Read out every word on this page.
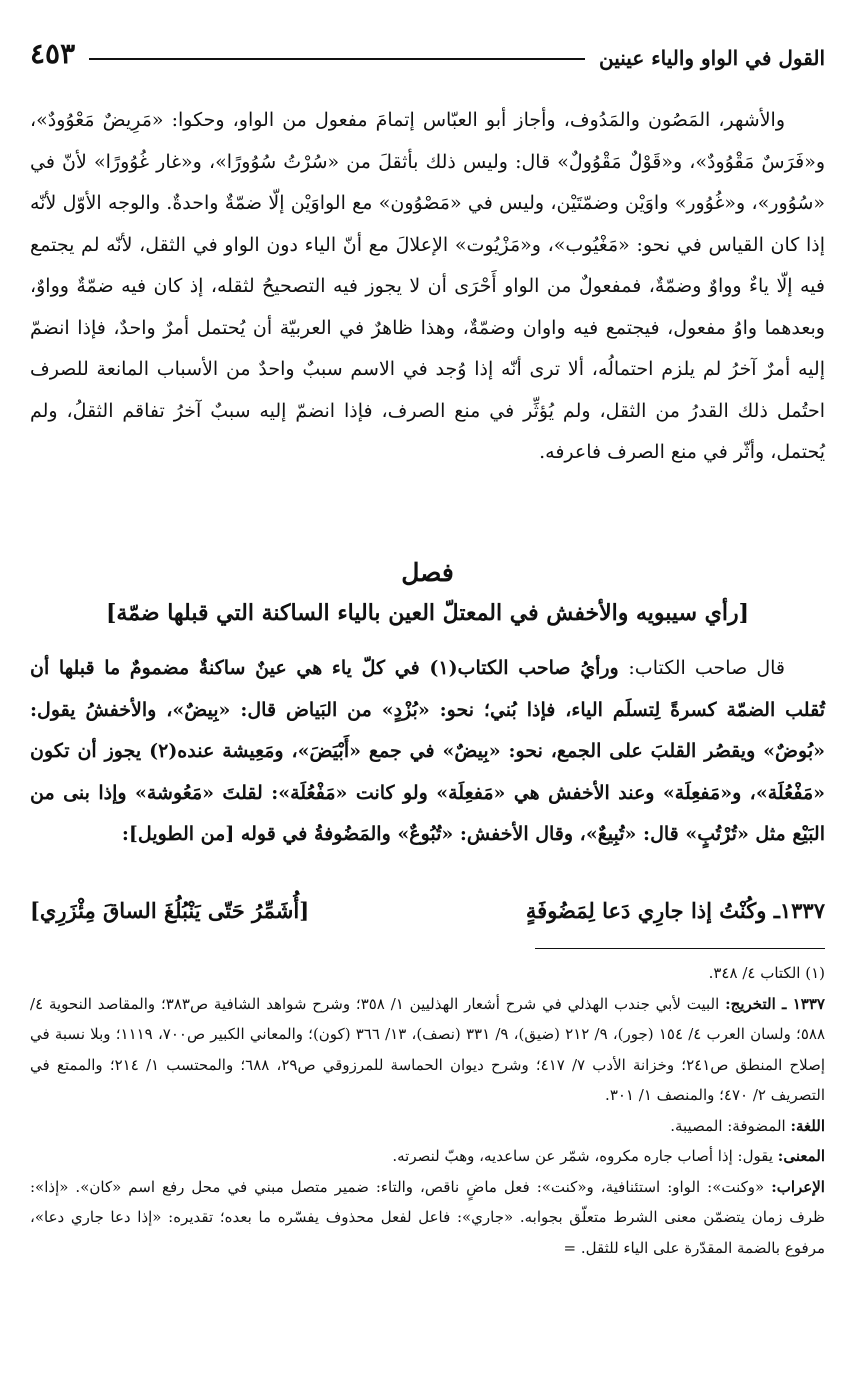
القول في الواو والياء عينين
٤٥٣

والأشهر، المَصُون والمَدُوف، وأجاز أبو العبّاس إتمامَ مفعول من الواو، وحكوا: «مَرِيضٌ مَعْوُودٌ»، و«فَرَسٌ مَقْوُودٌ»، و«قَوْلٌ مَقْوُولٌ» قال: وليس ذلك بأثقلَ من «سُرْتُ سُوُورًا»، و«غار غُوُورًا» لأنّ في «سُوُور»، و«غُوُور» واوَيْن وضمّتَيْن، وليس في «مَصْوُون» مع الواوَيْن إلّا ضمّةٌ واحدةٌ. والوجه الأوّل لأنّه إذا كان القياس في نحو: «مَغْيُوب»، و«مَزْيُوت» الإعلالَ مع أنّ الياء دون الواو في الثقل، لأنّه لم يجتمع فيه إلّا ياءٌ وواوٌ وضمّةٌ، فمفعولٌ من الواو أَحْرَى أن لا يجوز فيه التصحيحُ لثقله، إذ كان فيه ضمّةٌ وواوٌ، وبعدهما واوُ مفعول، فيجتمع فيه واوان وضمّةٌ، وهذا ظاهرٌ في العربيّة أن يُحتمل أمرٌ واحدٌ، فإذا انضمّ إليه أمرٌ آخرُ لم يلزم احتمالُه، ألا ترى أنّه إذا وُجد في الاسم سببٌ واحدٌ من الأسباب المانعة للصرف احتُمل ذلك القدرُ من الثقل، ولم يُؤثِّر في منع الصرف، فإذا انضمّ إليه سببٌ آخرُ تفاقم الثقلُ، ولم يُحتمل، وأثّر في منع الصرف فاعرفه.

فصل
[رأي سيبويه والأخفش في المعتلّ العين بالياء الساكنة التي قبلها ضمّة]

قال صاحب الكتاب: ورأيُ صاحب الكتاب(١) في كلّ ياء هي عينٌ ساكنةٌ مضمومٌ ما قبلها أن تُقلب الضمّة كسرةً لِتسلَم الياء، فإذا بُني؛ نحو: «بُزْدٍ» من البَياض قال: «بِيضٌ»، والأخفشُ يقول: «بُوضٌ» ويقصُر القلبَ على الجمع، نحو: «بِيضٌ» في جمع «أَبْيَضَ»، ومَعِيشة عنده(٢) يجوز أن تكون «مَفْعُلَة»، و«مَفعِلَة» وعند الأخفش هي «مَفعِلَة» ولو كانت «مَفْعُلَة»: لقلتَ «مَعُوشة» وإذا بنى من البَيْع مثل «تُرْتُبٍ» قال: «تُبِيعٌ»، وقال الأخفش: «تُبُوعٌ» والمَضُوفةُ في قوله [من الطويل]:

١٣٣٧ـ وكُنْتُ إذا جارِي دَعا لِمَضُوفَةٍ
[أُشَمِّرُ حَتّى يَنْبُلُغَ الساقَ مِئْزَرِي]

(١) الكتاب ٤/ ٣٤٨.

١٣٣٧ ـ التخريج: البيت لأبي جندب الهذلي في شرح أشعار الهذليين ١/ ٣٥٨؛ وشرح شواهد الشافية ص٣٨٣؛ والمقاصد النحوية ٤/ ٥٨٨؛ ولسان العرب ٤/ ١٥٤ (جور)، ٩/ ٢١٢ (ضيق)، ٩/ ٣٣١ (نصف)، ١٣/ ٣٦٦ (كون)؛ والمعاني الكبير ص٧٠٠، ١١١٩؛ وبلا نسبة في إصلاح المنطق ص٢٤١؛ وخزانة الأدب ٧/ ٤١٧؛ وشرح ديوان الحماسة للمرزوقي ص٢٩، ٦٨٨؛ والمحتسب ١/ ٢١٤؛ والممتع في التصريف ٢/ ٤٧٠؛ والمنصف ١/ ٣٠١.

اللغة: المضوفة: المصيبة.

المعنى: يقول: إذا أصاب جاره مكروه، شمّر عن ساعديه، وهبّ لنصرته.

الإعراب: «وكنت»: الواو: استئنافية، و«كنت»: فعل ماضٍ ناقص، والتاء: ضمير متصل مبني في محل رفع اسم «كان». «إذا»: ظرف زمان يتضمّن معنى الشرط متعلّق بجوابه. «جاري»: فاعل لفعل محذوف يفسّره ما بعده؛ تقديره: «إذا دعا جاري دعا»، مرفوع بالضمة المقدّرة على الياء للثقل. =
